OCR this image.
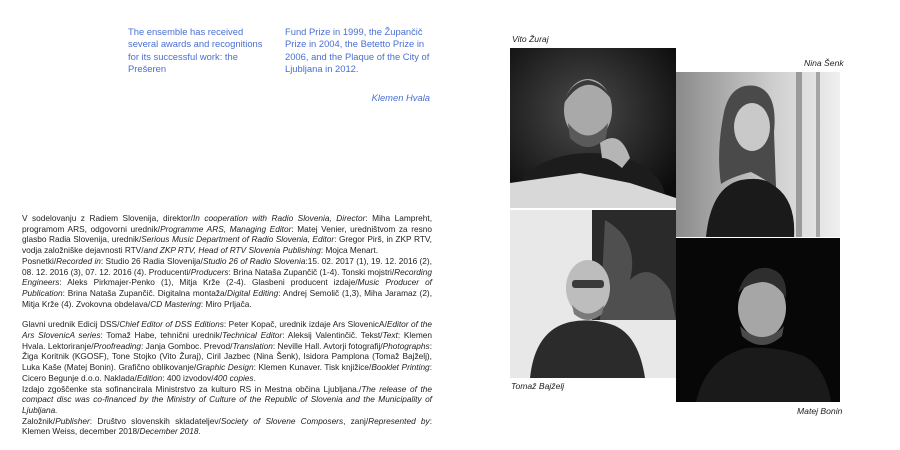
The ensemble has received several awards and recognitions for its successful work: the Prešeren
Fund Prize in 1999, the Župančič Prize in 2004, the Betetto Prize in 2006, and the Plaque of the City of Ljubljana in 2012.
Klemen Hvala

V sodelovanju z Radiem Slovenija, direktor/In cooperation with Radio Slovenia, Director: Miha Lampreht, programom ARS, odgovorni urednik/Programme ARS, Managing Editor: Matej Venier, uredništvom za resno glasbo Radia Slovenija, urednik/Serious Music Department of Radio Slovenia, Editor: Gregor Pirš, in ZKP RTV, vodja založniške dejavnosti RTV/and ZKP RTV, Head of RTV Slovenia Publishing: Mojca Menart.
Posnetki/Recorded in: Studio 26 Radia Slovenija/Studio 26 of Radio Slovenia:15. 02. 2017 (1), 19. 12. 2016 (2), 08. 12. 2016 (3), 07. 12. 2016 (4). Producenti/Producers: Brina Nataša Zupančič (1-4). Tonski mojstri/Recording Engineers: Aleks Pirkmajer-Penko (1), Mitja Krže (2-4). Glasbeni producent izdaje/Music Producer of Publication: Brina Nataša Zupančič. Digitalna montaža/Digital Editing: Andrej Semolič (1,3), Miha Jaramaz (2), Mitja Krže (4). Zvokovna obdelava/CD Mastering: Miro Prljača.

Glavni urednik Edicij DSS/Chief Editor of DSS Editions: Peter Kopač, urednik izdaje Ars SlovenicA/Editor of the Ars SlovenicA series: Tomaž Habe, tehnični urednik/Technical Editor: Aleksij Valentinčič. Tekst/Text: Klemen Hvala. Lektoriranje/Proofreading: Janja Gomboc. Prevod/Translation: Neville Hall. Avtorji fotografij/Photographs: Žiga Koritnik (KGOSF), Tone Stojko (Vito Žuraj), Ciril Jazbec (Nina Šenk), Isidora Pamplona (Tomaž Bajželj), Luka Kaše (Matej Bonin). Grafično oblikovanje/Graphic Design: Klemen Kunaver. Tisk knjižice/Booklet Printing: Cicero Begunje d.o.o. Naklada/Edition: 400 izvodov/400 copies.
Izdajo zgoščenke sta sofinancirala Ministrstvo za kulturo RS in Mestna občina Ljubljana./The release of the compact disc was co-financed by the Ministry of Culture of the Republic of Slovenia and the Municipality of Ljubljana.
Založnik/Publisher: Društvo slovenskih skladateljev/Society of Slovene Composers, zanj/Represented by: Klemen Weiss, december 2018/December 2018.

Vito Žuraj
Nina Šenk
Tomaž Bajželj
Matej Bonin
